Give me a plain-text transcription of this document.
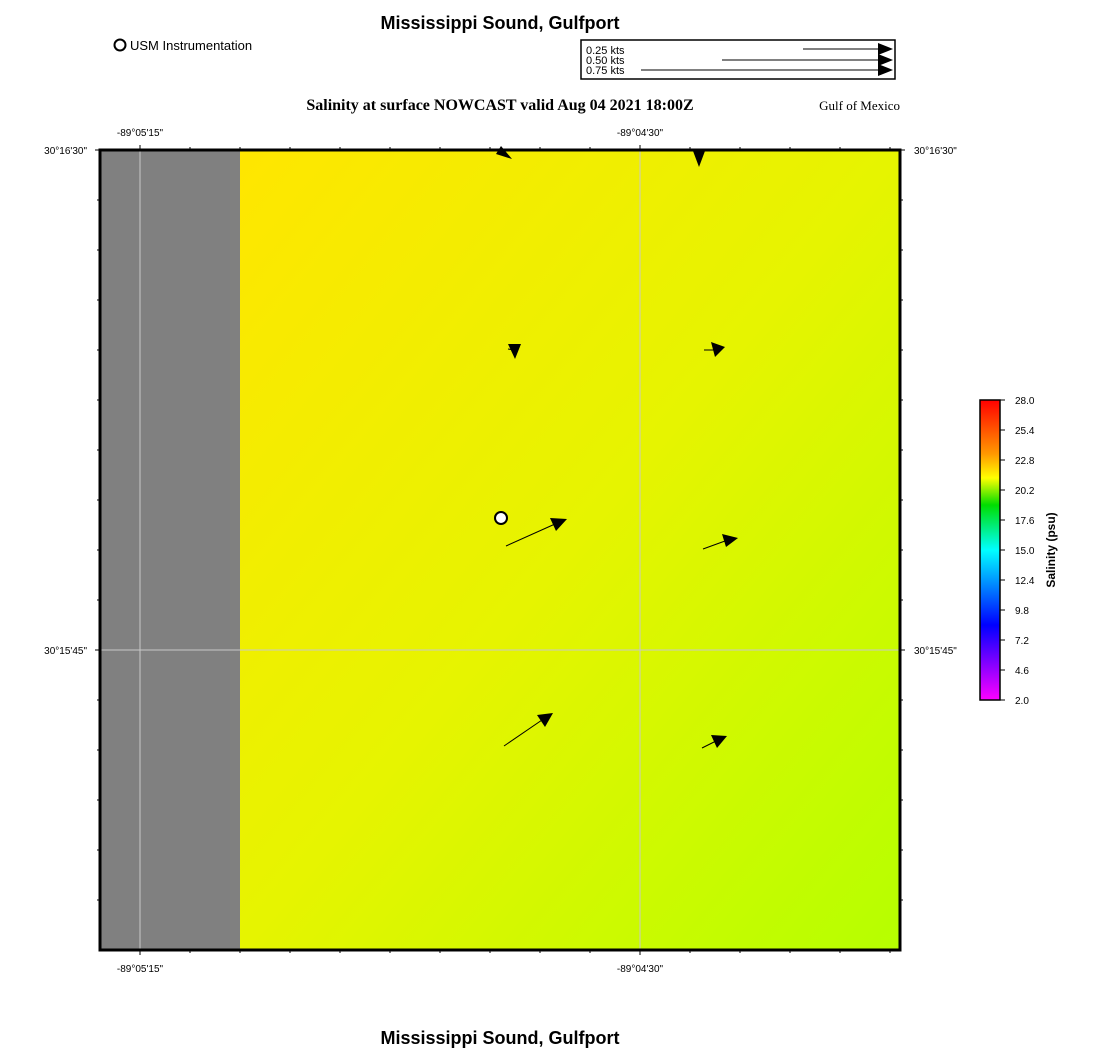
Mississippi Sound, Gulfport
Salinity at surface NOWCAST valid Aug 04 2021 18:00Z	Gulf of Mexico
Mississippi Sound, Gulfport
USM Instrumentation	0.25 kts
0.50 kts
0.75 kts
-89°05'15"	-89°04'30"
-89°05'15"	-89°04'30"
30°16'30"
30°15'45"
30°16'30"
30°15'45"
28.0
25.4
22.8
20.2
17.6
15.0
12.4
9.8
7.2
4.6
2.0
Salinity (psu)
